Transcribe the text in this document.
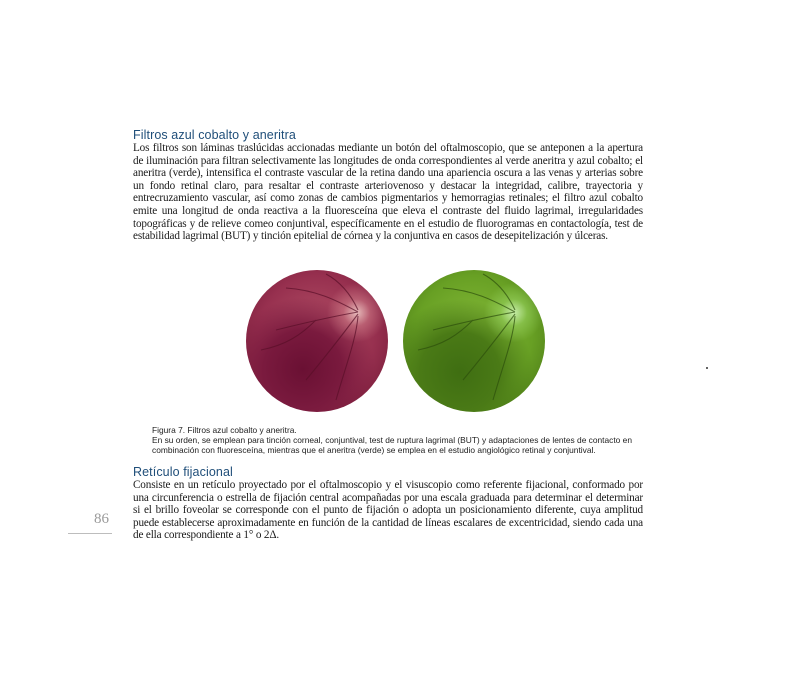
Filtros azul cobalto y aneritra

Los filtros son láminas traslúcidas accionadas mediante un botón del oftalmoscopio, que se anteponen a la apertura de iluminación para filtran selectivamente las longitudes de onda correspondientes al verde aneritra y azul cobalto; el aneritra (verde), intensifica el contraste vascular de la retina dando una apariencia oscura a las venas y arterias sobre un fondo retinal claro, para resaltar el contraste arteriovenoso y destacar la integridad, calibre, trayectoria y entrecruzamiento vascular, así como zonas de cambios pigmentarios y hemorragias retinales; el filtro azul cobalto emite una longitud de onda reactiva a la fluoresceína que eleva el contraste del fluido lagrimal, irregularidades topográficas y de relieve comeo conjuntival, específicamente en el estudio de fluorogramas en contactología, test de estabilidad lagrimal (BUT) y tinción epitelial de córnea y la conjuntiva en casos de desepitelización y úlceras.

Figura 7. Filtros azul cobalto y aneritra.

En su orden, se emplean para tinción corneal, conjuntival, test de ruptura lagrimal (BUT) y adaptaciones de lentes de contacto en combinación con fluoresceína, mientras que el aneritra (verde) se emplea en el estudio angiológico retinal y conjuntival.

Retículo fijacional

Consiste en un retículo proyectado por el oftalmoscopio y el visuscopio como referente fijacional, conformado por una circunferencia o estrella de fijación central acompañadas por una escala graduada para determinar el determinar si el brillo foveolar se corresponde con el punto de fijación o adopta un posicionamiento diferente, cuya amplitud puede establecerse aproximadamente en función de la cantidad de líneas escalares de excentricidad, siendo cada una de ella correspondiente a 1° o 2Δ.

86
